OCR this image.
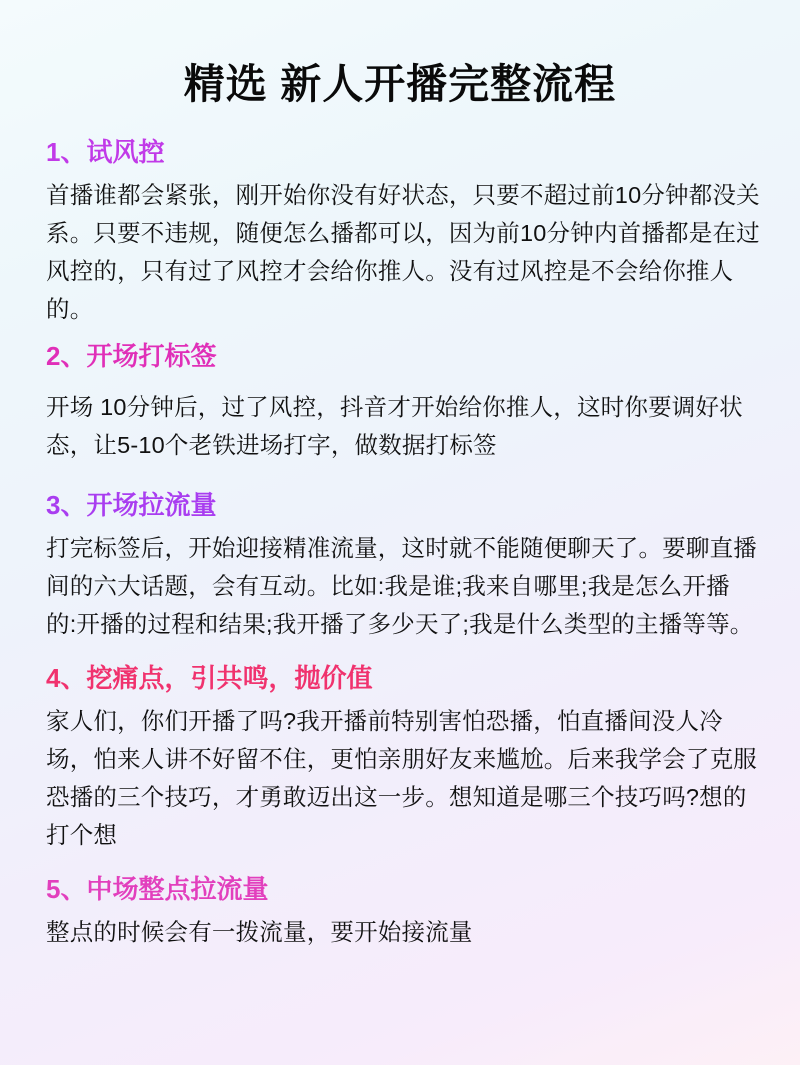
精选 新人开播完整流程
1、试风控

首播谁都会紧张，刚开始你没有好状态，只要不超过前10分钟都没关系。只要不违规，随便怎么播都可以，因为前10分钟内首播都是在过风控的，只有过了风控才会给你推人。没有过风控是不会给你推人的。

2、开场打标签

开场 10分钟后，过了风控，抖音才开始给你推人，这时你要调好状态，让5-10个老铁进场打字，做数据打标签

3、开场拉流量

打完标签后，开始迎接精准流量，这时就不能随便聊天了。要聊直播间的六大话题，会有互动。比如:我是谁;我来自哪里;我是怎么开播的:开播的过程和结果;我开播了多少天了;我是什么类型的主播等等。

4、挖痛点，引共鸣，抛价值

家人们，你们开播了吗?我开播前特别害怕恐播，怕直播间没人冷场，怕来人讲不好留不住，更怕亲朋好友来尴尬。后来我学会了克服恐播的三个技巧，才勇敢迈出这一步。想知道是哪三个技巧吗?想的打个想

5、中场整点拉流量

整点的时候会有一拨流量，要开始接流量
